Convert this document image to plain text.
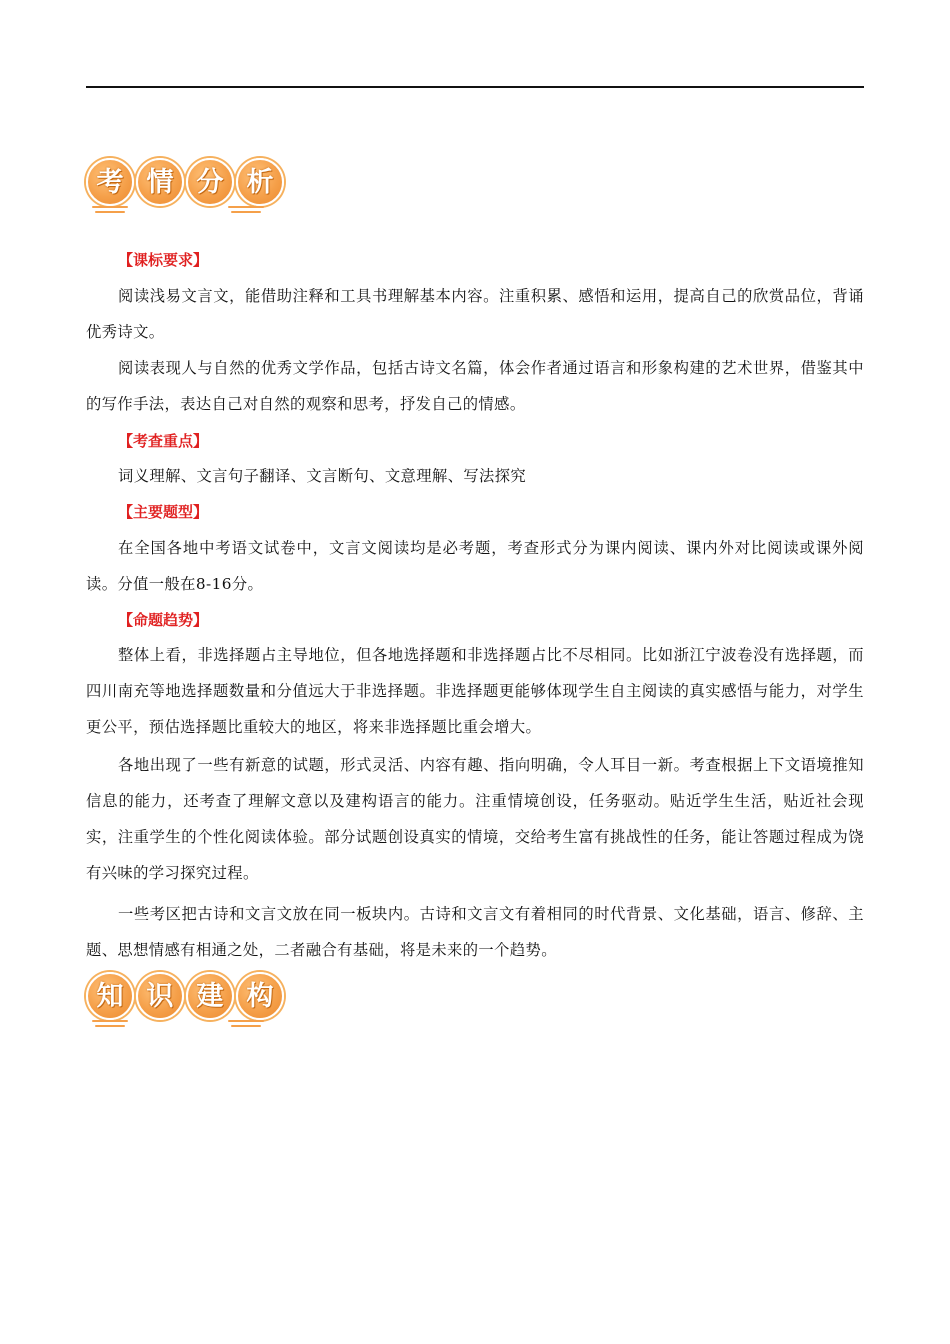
考 情 分 析

【课标要求】

阅读浅易文言文，能借助注释和工具书理解基本内容。注重积累、感悟和运用，提高自己的欣赏品位，背诵优秀诗文。

阅读表现人与自然的优秀文学作品，包括古诗文名篇，体会作者通过语言和形象构建的艺术世界，借鉴其中的写作手法，表达自己对自然的观察和思考，抒发自己的情感。

【考查重点】

词义理解、文言句子翻译、文言断句、文意理解、写法探究

【主要题型】

在全国各地中考语文试卷中，文言文阅读均是必考题，考查形式分为课内阅读、课内外对比阅读或课外阅读。分值一般在8-16分。

【命题趋势】

整体上看，非选择题占主导地位，但各地选择题和非选择题占比不尽相同。比如浙江宁波卷没有选择题，而四川南充等地选择题数量和分值远大于非选择题。非选择题更能够体现学生自主阅读的真实感悟与能力，对学生更公平，预估选择题比重较大的地区，将来非选择题比重会增大。

各地出现了一些有新意的试题，形式灵活、内容有趣、指向明确，令人耳目一新。考查根据上下文语境推知信息的能力，还考查了理解文意以及建构语言的能力。注重情境创设，任务驱动。贴近学生生活，贴近社会现实，注重学生的个性化阅读体验。部分试题创设真实的情境，交给考生富有挑战性的任务，能让答题过程成为饶有兴味的学习探究过程。

一些考区把古诗和文言文放在同一板块内。古诗和文言文有着相同的时代背景、文化基础，语言、修辞、主题、思想情感有相通之处，二者融合有基础，将是未来的一个趋势。

知 识 建 构
